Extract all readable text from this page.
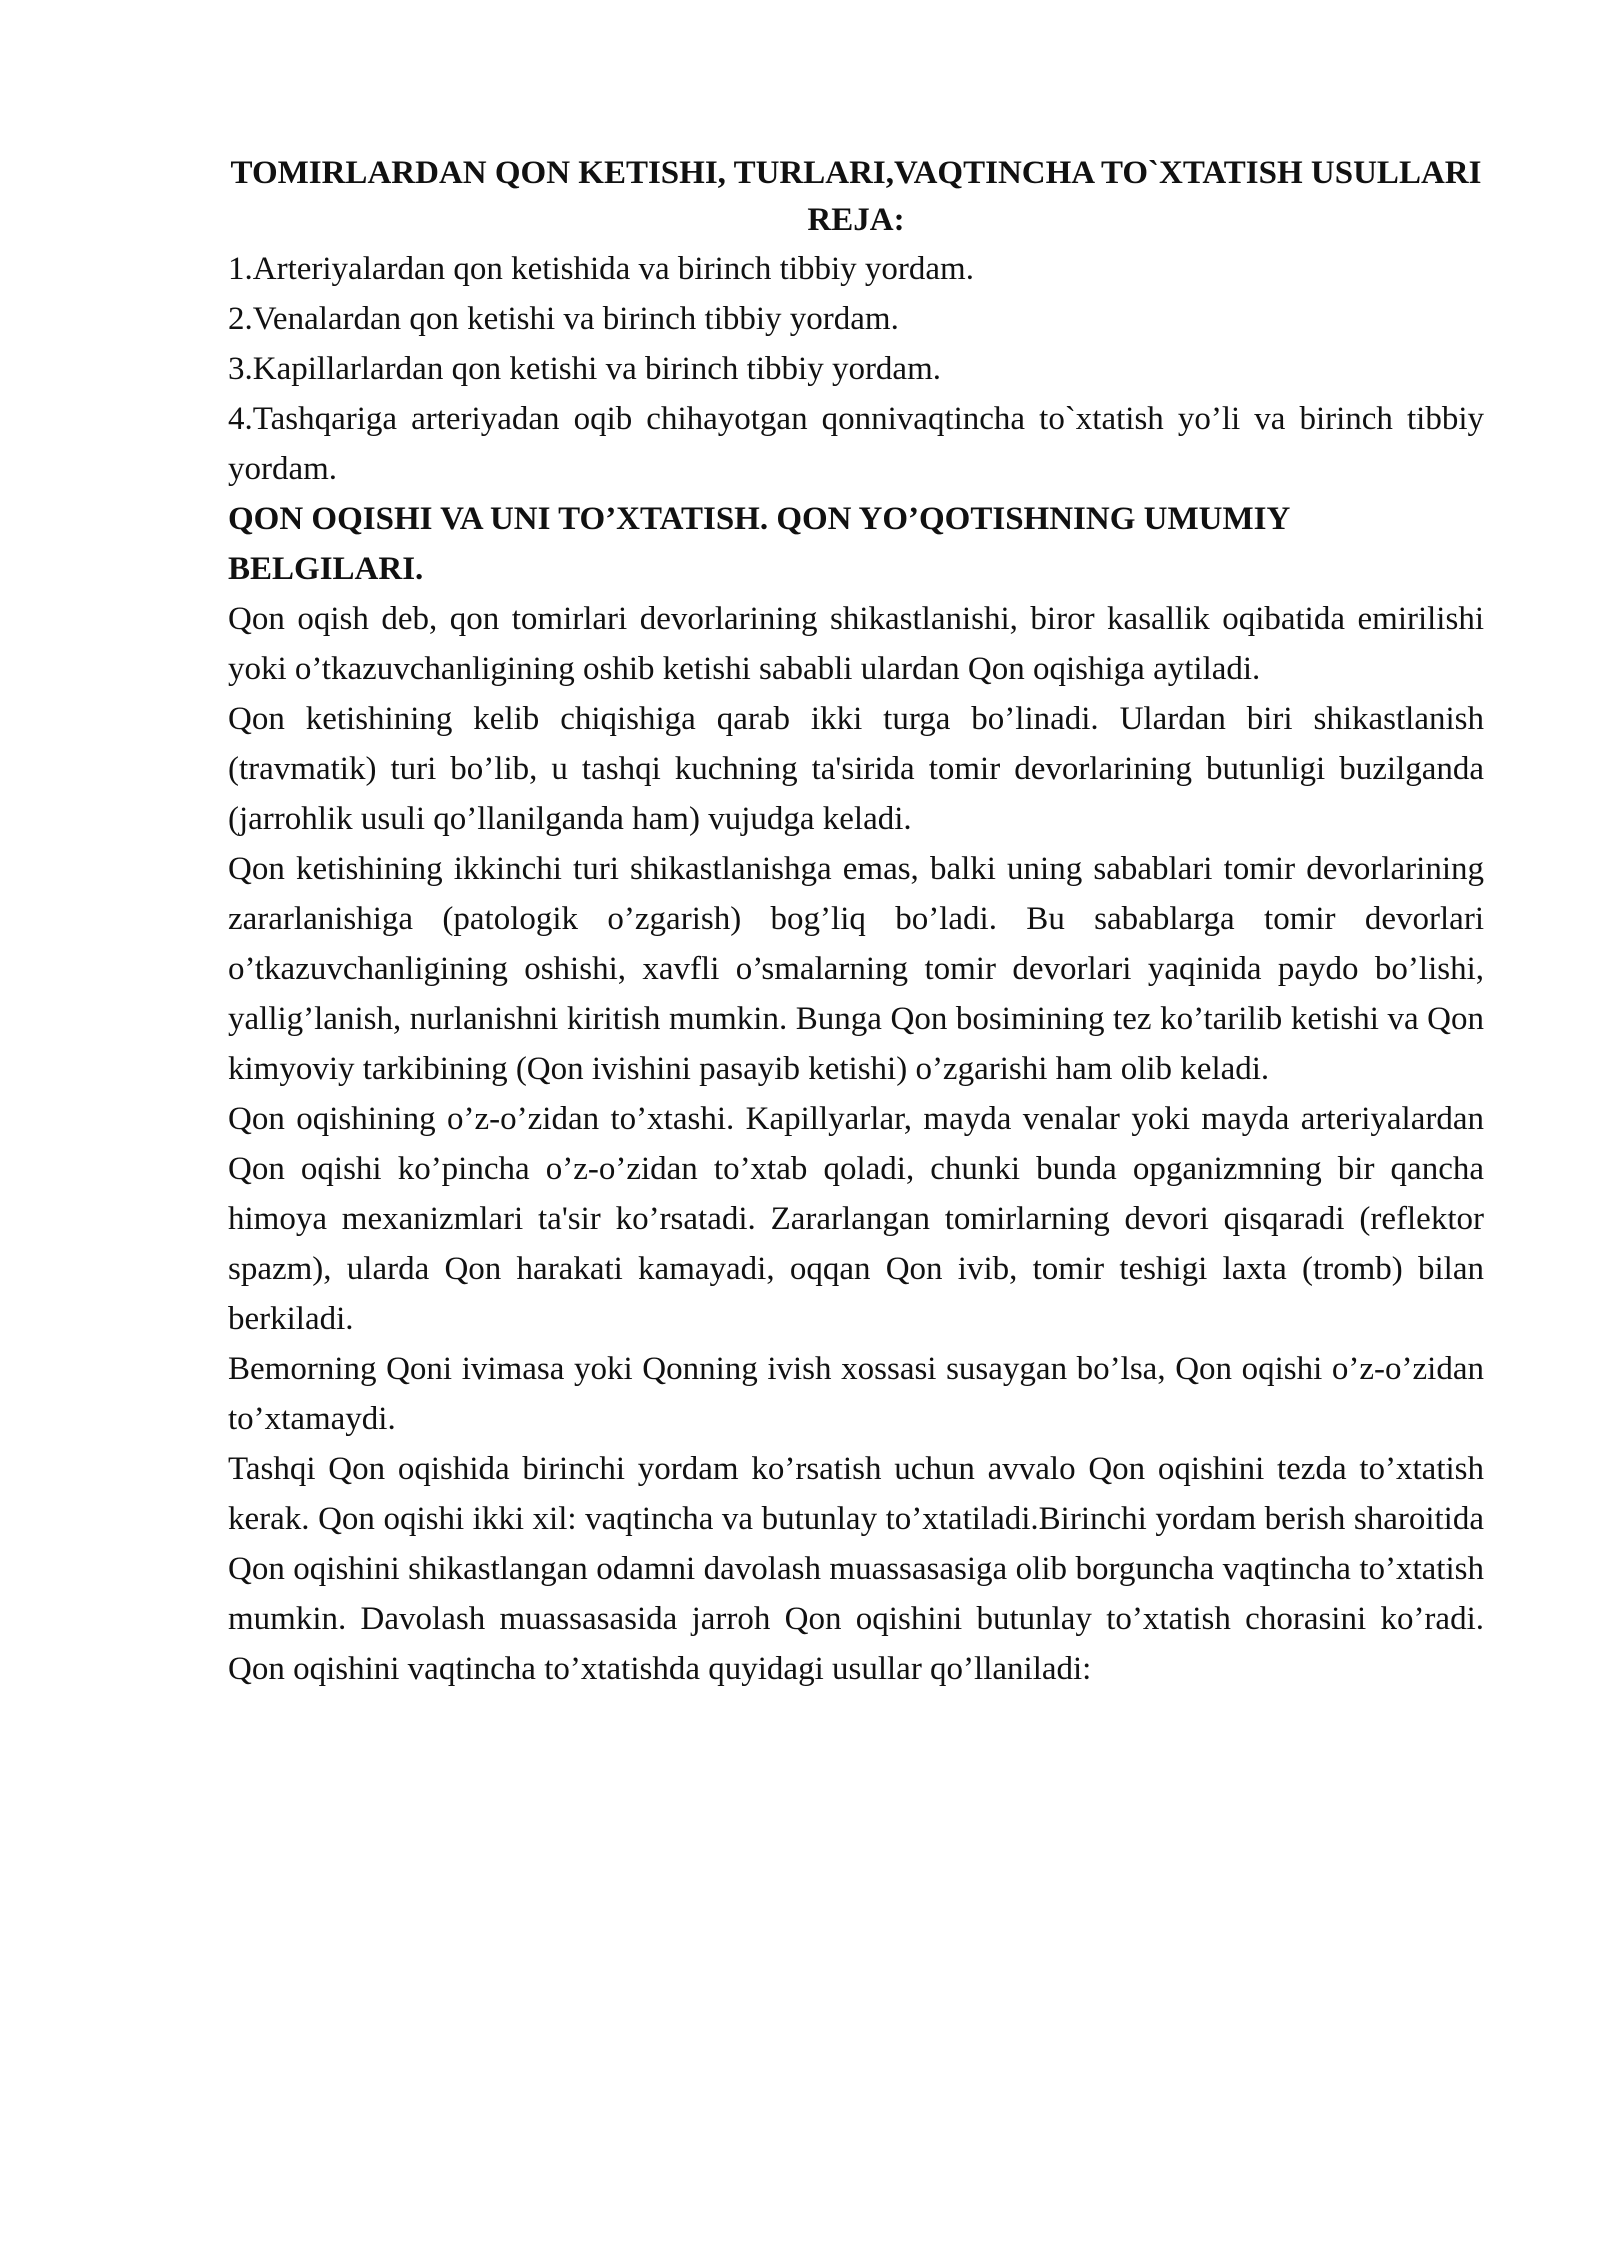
TOMIRLARDAN QON KETISHI, TURLARI,VAQTINCHA TO`XTATISH USULLARI
REJA:
1.Arteriyalardan qon ketishida va birinch tibbiy yordam.
2.Venalardan qon ketishi va birinch tibbiy yordam.
3.Kapillarlardan qon ketishi va birinch tibbiy yordam.
4.Tashqariga arteriyadan oqib chihayotgan qonnivaqtincha to`xtatish yo’li va birinch tibbiy yordam.
QON OQISHI VA UNI TO’XTATISH. QON YO’QOTISHNING UMUMIY BELGILARI.

Qon oqish deb, qon tomirlari devorlarining shikastlanishi, biror kasallik oqibatida emirilishi yoki o’tkazuvchanligining oshib ketishi sababli ulardan Qon oqishiga aytiladi.

Qon ketishining kelib chiqishiga qarab ikki turga bo’linadi. Ulardan biri shikastlanish (travmatik) turi bo’lib, u tashqi kuchning ta'sirida tomir devorlarining butunligi buzilganda (jarrohlik usuli qo’llanilganda ham) vujudga keladi.

Qon ketishining ikkinchi turi shikastlanishga emas, balki uning sabablari tomir devorlarining zararlanishiga (patologik o’zgarish) bog’liq bo’ladi. Bu sabablarga tomir devorlari o’tkazuvchanligining oshishi, xavfli o’smalarning tomir devorlari yaqinida paydo bo’lishi, yallig’lanish, nurlanishni kiritish mumkin. Bunga Qon bosimining tez ko’tarilib ketishi va Qon kimyoviy tarkibining (Qon ivishini pasayib ketishi) o’zgarishi ham olib keladi.

Qon oqishining o’z-o’zidan to’xtashi. Kapillyarlar, mayda venalar yoki mayda arteriyalardan Qon oqishi ko’pincha o’z-o’zidan to’xtab qoladi, chunki bunda opganizmning bir qancha himoya mexanizmlari ta'sir ko’rsatadi. Zararlangan tomirlarning devori qisqaradi (reflektor spazm), ularda Qon harakati kamayadi, oqqan Qon ivib, tomir teshigi laxta (tromb) bilan berkiladi.

Bemorning Qoni ivimasa yoki Qonning ivish xossasi susaygan bo’lsa, Qon oqishi o’z-o’zidan to’xtamaydi.

Tashqi Qon oqishida birinchi yordam ko’rsatish uchun avvalo Qon oqishini tezda to’xtatish kerak. Qon oqishi ikki xil: vaqtincha va butunlay to’xtatiladi.Birinchi yordam berish sharoitida Qon oqishini shikastlangan odamni davolash muassasasiga olib borguncha vaqtincha to’xtatish mumkin. Davolash muassasasida jarroh Qon oqishini butunlay to’xtatish chorasini ko’radi. Qon oqishini vaqtincha to’xtatishda quyidagi usullar qo’llaniladi:
